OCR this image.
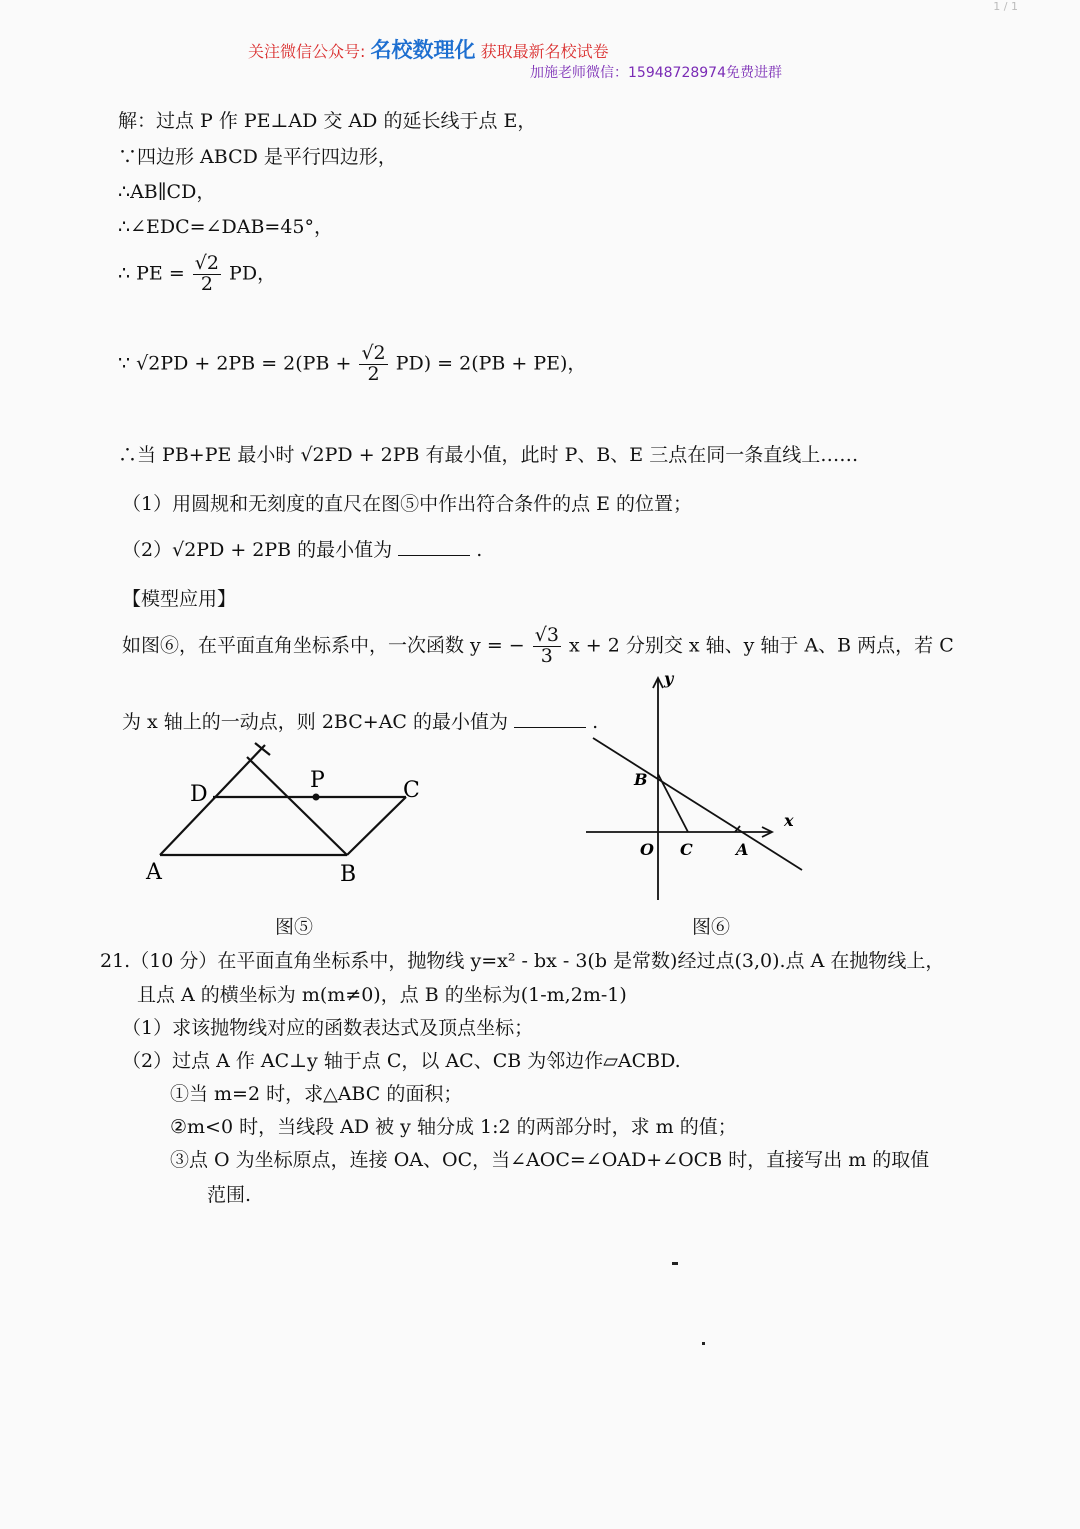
关注微信公众号: 名校数理化 获取最新名校试卷
加施老师微信：15948728974免费进群
1 / 1
解：过点 P 作 PE⊥AD 交 AD 的延长线于点 E，
∵四边形 ABCD 是平行四边形，
∴AB∥CD，
∴∠EDC=∠DAB=45°，
∴ PE = $\frac{√2}{2}$ PD，
∵ $√2PD + 2PB = 2(PB + \frac{√2}{2} PD) = 2(PB + PE)$，
∴当 PB+PE 最小时 √2PD + 2PB 有最小值，此时 P、B、E 三点在同一条直线上……
（1）用圆规和无刻度的直尺在图⑤中作出符合条件的点 E 的位置；
（2）√2PD + 2PB 的最小值为	.
【模型应用】
如图⑥，在平面直角坐标系中，一次函数 y = − $\frac{√3}{3}$ x + 2 分别交 x 轴、y 轴于 A、B 两点，若 C
为 x 轴上的一动点，则 2BC+AC 的最小值为	.
D
P	C
A	B
图⑤
y
x
B
O C	A
图⑥
21.（10 分）在平面直角坐标系中，抛物线 y=x² - bx - 3(b 是常数)经过点(3,0).点 A 在抛物线上，
且点 A 的横坐标为 m(m≠0)，点 B 的坐标为(1-m,2m-1)
（1）求该抛物线对应的函数表达式及顶点坐标；
（2）过点 A 作 AC⊥y 轴于点 C，以 AC、CB 为邻边作▱ACBD.
①当 m=2 时，求△ABC 的面积；
②m<0 时，当线段 AD 被 y 轴分成 1:2 的两部分时，求 m 的值；
③点 O 为坐标原点，连接 OA、OC，当∠AOC=∠OAD+∠OCB 时，直接写出 m 的取值
范围.
